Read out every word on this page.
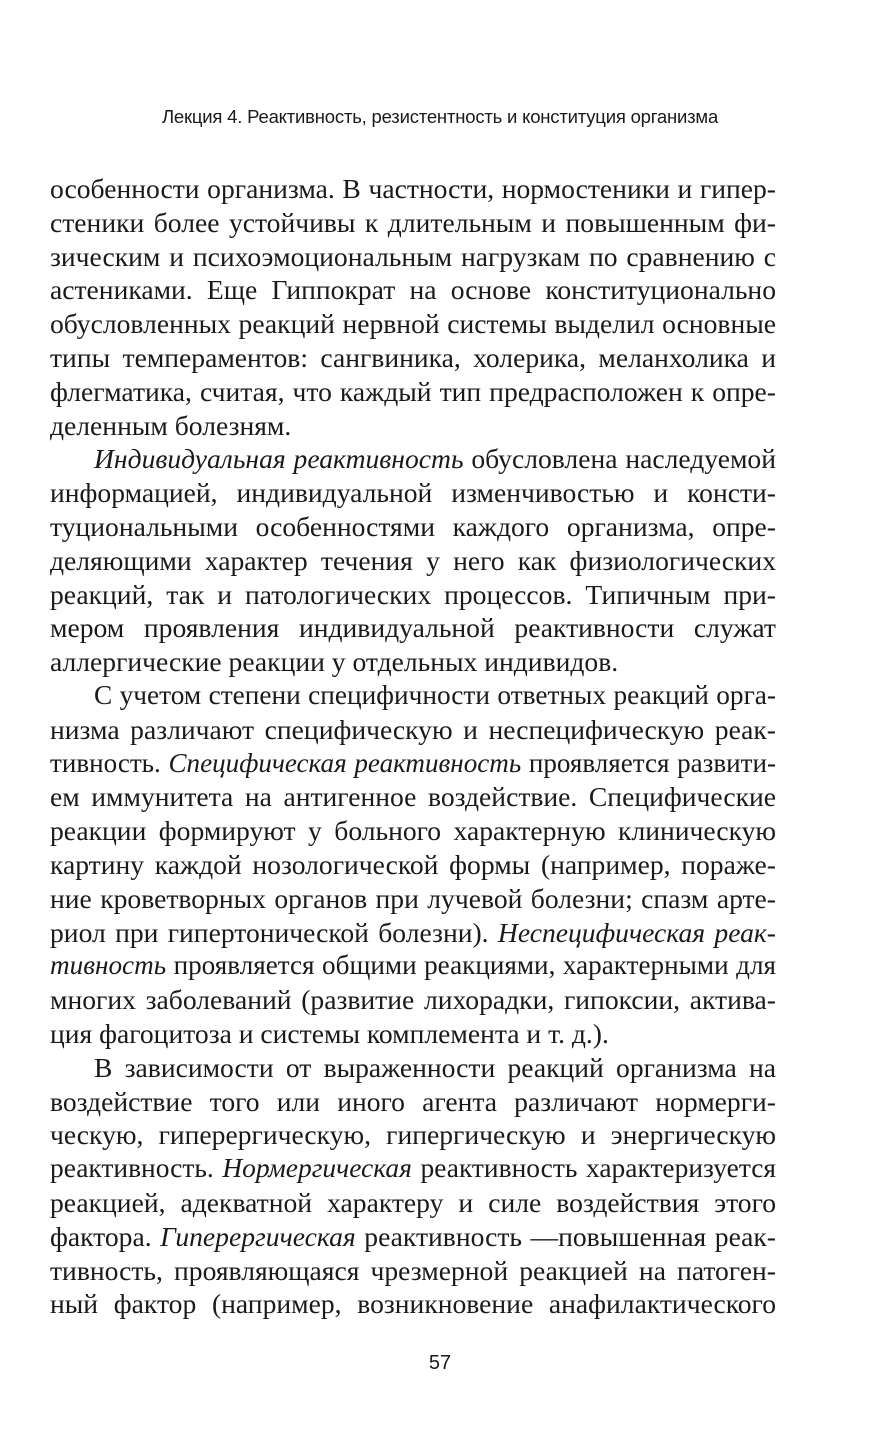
Лекция 4. Реактивность, резистентность и конституция организма
особенности организма. В частности, нормостеники и гипер-
стеники более устойчивы к длительным и повышенным фи-
зическим и психоэмоциональным нагрузкам по сравнению с
астениками. Еще Гиппократ на основе конституционально
обусловленных реакций нервной системы выделил основные
типы темпераментов: сангвиника, холерика, меланхолика и
флегматика, считая, что каждый тип предрасположен к опре-
деленным болезням.
Индивидуальная реактивность обусловлена наследуемой
информацией, индивидуальной изменчивостью и консти-
туциональными особенностями каждого организма, опре-
деляющими характер течения у него как физиологических
реакций, так и патологических процессов. Типичным при-
мером проявления индивидуальной реактивности служат
аллергические реакции у отдельных индивидов.
С учетом степени специфичности ответных реакций орга-
низма различают специфическую и неспецифическую реак-
тивность. Специфическая реактивность проявляется развити-
ем иммунитета на антигенное воздействие. Специфические
реакции формируют у больного характерную клиническую
картину каждой нозологической формы (например, пораже-
ние кроветворных органов при лучевой болезни; спазм арте-
риол при гипертонической болезни). Неспецифическая реак-
тивность проявляется общими реакциями, характерными для
многих заболеваний (развитие лихорадки, гипоксии, актива-
ция фагоцитоза и системы комплемента и т. д.).
В зависимости от выраженности реакций организма на
воздействие того или иного агента различают нормерги-
ческую, гиперергическую, гипергическую и энергическую
реактивность. Нормергическая реактивность характеризуется
реакцией, адекватной характеру и силе воздействия этого
фактора. Гиперергическая реактивность —повышенная реак-
тивность, проявляющаяся чрезмерной реакцией на патоген-
ный фактор (например, возникновение анафилактического
57
